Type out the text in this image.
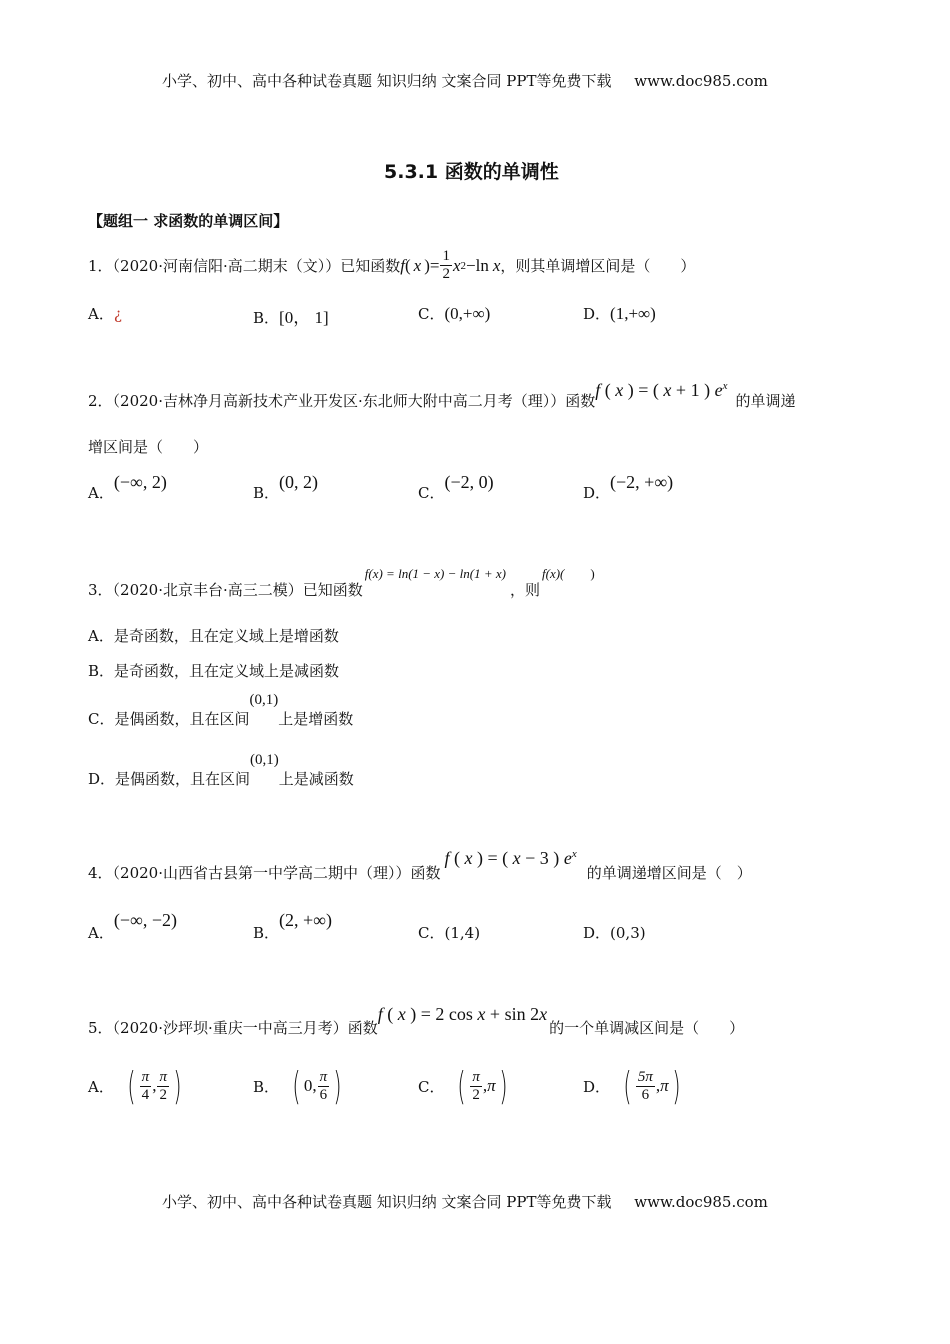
小学、初中、高中各种试卷真题 知识归纳 文案合同 PPT等免费下载 www.doc985.com
5.3.1 函数的单调性
【题组一 求函数的单调区间】
1．（2020·河南信阳·高二期末（文））已知函数 f ( x )= $\frac{1}{2}$ x 2 −ln x ，则其单调增区间是（　　）
A．¿	B．[0， 1]	C．(0,+∞)	D．(1,+∞)
2．（2020·吉林净月高新技术产业开发区·东北师大附中高二月考（理））函数
f ( x ) = ( x + 1 ) $e^x$
的单调递
增区间是（　　）
A．(−∞, 2)
B．(0, 2)
C．(−2, 0)
D．(−2, +∞)
3．（2020·北京丰台·高三二模）已知函数
f(x) = ln(1 − x) − ln(1 + x)
，则
f(x)( )
A．是奇函数，且在定义域上是增函数
B．是奇函数，且在定义域上是减函数
C． 是偶函数，且在区间
(0,1)
上是增函数
D． 是偶函数，且在区间
(0,1)
上是减函数
4．（2020·山西省古县第一中学高二期中（理））函数
f ( x ) = ( x − 3 ) $e^x$
的单调递增区间是（　）
A．(−∞, −2)
B．(2, +∞)
C．(1,4)	D．(0,3)
5．（2020·沙坪坝·重庆一中高三月考）函数
f ( x ) = 2 cos x + sin 2x
的一个单调减区间是（　　）
A． ( $\frac{\pi}{4}$ , $\frac{\pi}{2}$ )	B． ( 0, $\frac{\pi}{6}$ )	C． ( $\frac{\pi}{2}$ , π )	D． ( $\frac{5\pi}{6}$ , π )
小学、初中、高中各种试卷真题 知识归纳 文案合同 PPT等免费下载 www.doc985.com
